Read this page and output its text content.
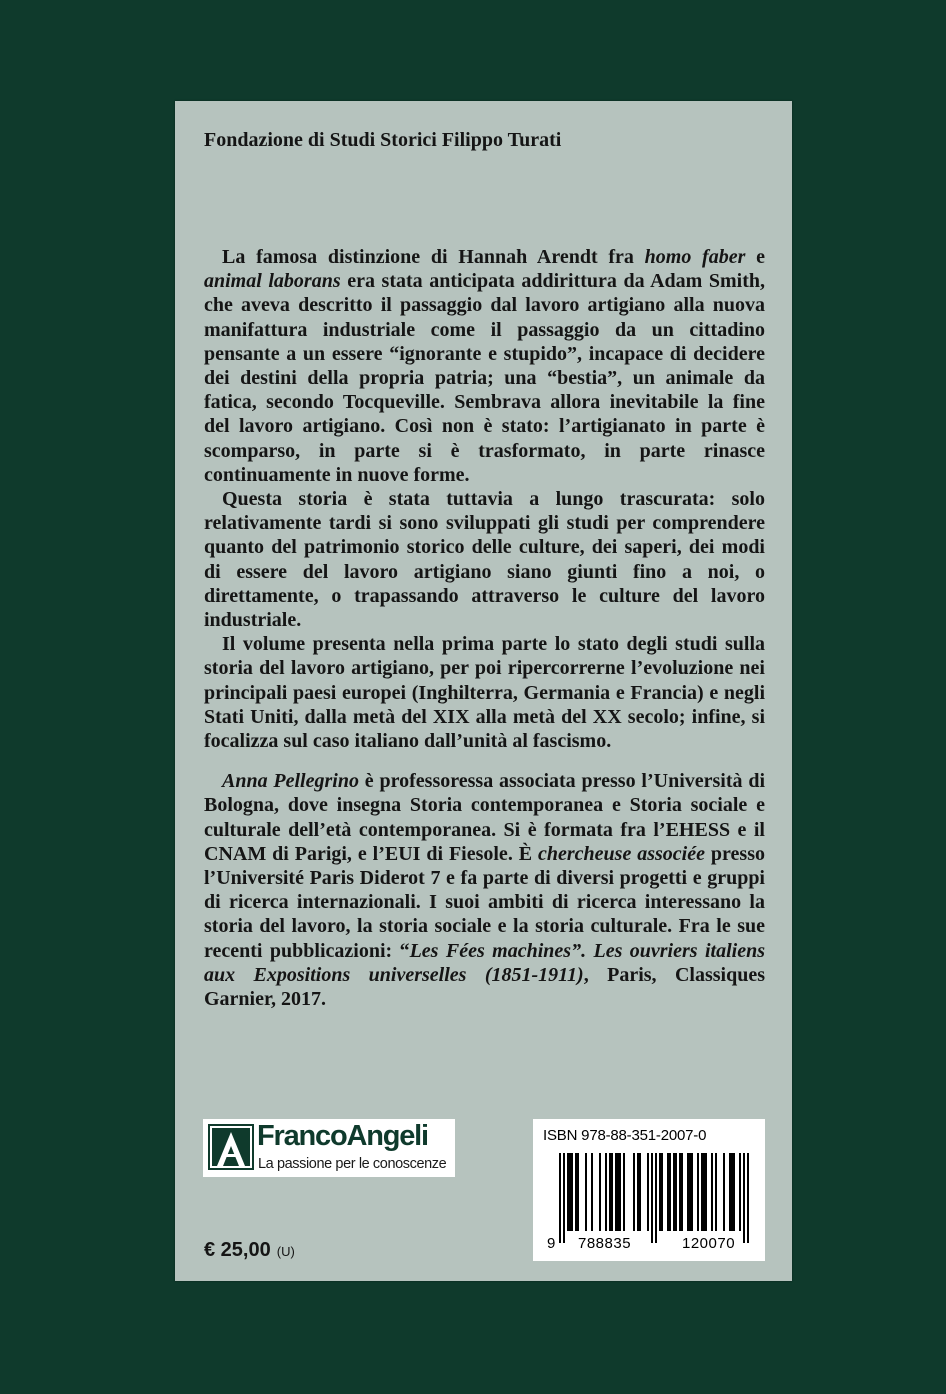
Fondazione di Studi Storici Filippo Turati

La famosa distinzione di Hannah Arendt fra homo faber e animal laborans era stata anticipata addirittura da Adam Smith, che aveva descritto il passaggio dal lavoro artigiano alla nuova manifattura industriale come il passaggio da un cittadino pensante a un essere “ignorante e stupido”, incapace di decidere dei destini della propria patria; una “bestia”, un animale da fatica, secondo Tocqueville. Sembrava allora inevitabile la fine del lavoro artigiano. Così non è stato: l’artigianato in parte è scomparso, in parte si è trasformato, in parte rinasce continuamente in nuove forme.

Questa storia è stata tuttavia a lungo trascurata: solo relativamente tardi si sono sviluppati gli studi per comprendere quanto del patrimonio storico delle culture, dei saperi, dei modi di essere del lavoro artigiano siano giunti fino a noi, o direttamente, o trapassando attraverso le culture del lavoro industriale.

Il volume presenta nella prima parte lo stato degli studi sulla storia del lavoro artigiano, per poi ripercorrerne l’evoluzione nei principali paesi europei (Inghilterra, Germania e Francia) e negli Stati Uniti, dalla metà del XIX alla metà del XX secolo; infine, si focalizza sul caso italiano dall’unità al fascismo.

Anna Pellegrino è professoressa associata presso l’Università di Bologna, dove insegna Storia contemporanea e Storia sociale e culturale dell’età contemporanea. Si è formata fra l’EHESS e il CNAM di Parigi, e l’EUI di Fiesole. È chercheuse associée presso l’Université Paris Diderot 7 e fa parte di diversi progetti e gruppi di ricerca internazionali. I suoi ambiti di ricerca interessano la storia del lavoro, la storia sociale e la storia culturale. Fra le sue recenti pubblicazioni: “Les Fées machines”. Les ouvriers italiens aux Expositions universelles (1851-1911), Paris, Classiques Garnier, 2017.

FrancoAngeli
La passione per le conoscenze
€ 25,00 (U)
ISBN 978-88-351-2007-0
9 788835	120070
